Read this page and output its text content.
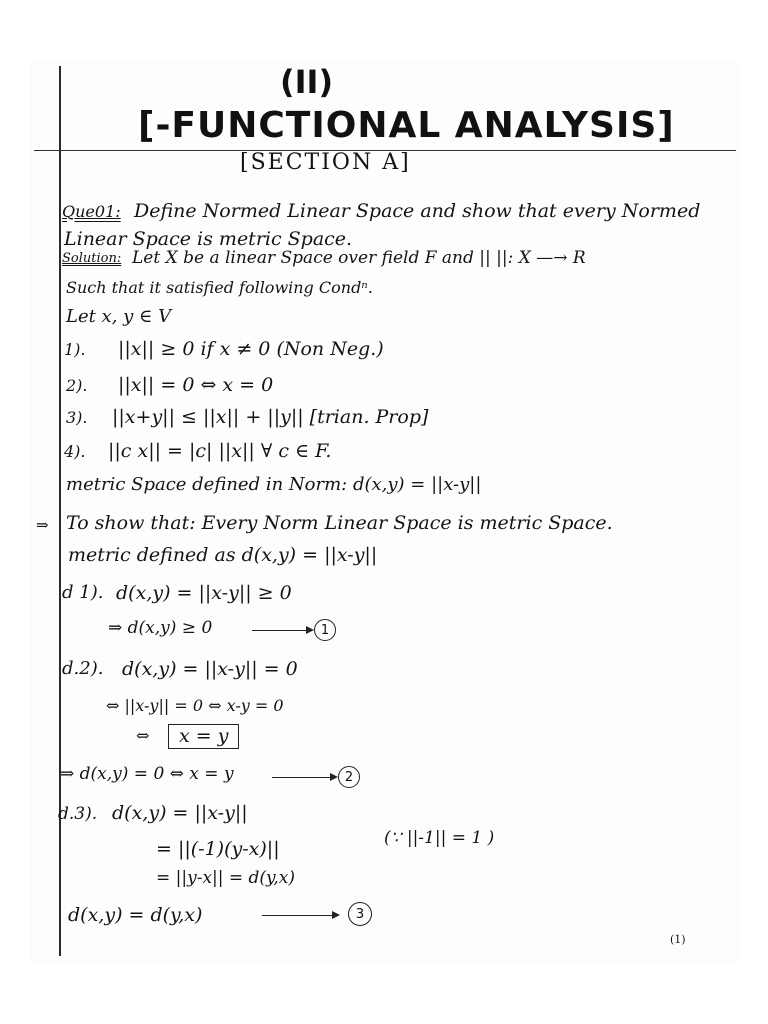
(II)
[-FUNCTIONAL ANALYSIS]
[SECTION A]
Que01: Define Normed Linear Space and show that every Normed
Linear Space is metric Space.
Solution: Let X be a linear Space over field F and || ||: X —→ R
Such that it satisfied following Condⁿ.
Let x, y ∈ V
1). ||x|| ≥ 0 if x ≠ 0 (Non Neg.)
2). ||x|| = 0 ⇔ x = 0
3). ||x+y|| ≤ ||x|| + ||y|| [trian. Prop]
4). ||c x|| = |c| ||x|| ∀ c ∈ F.
metric Space defined in Norm: d(x,y) = ||x-y||
⇒ To show that: Every Norm Linear Space is metric Space.
metric defined as d(x,y) = ||x-y||
d 1). d(x,y) = ||x-y|| ≥ 0
⇒ d(x,y) ≥ 0	1
d.2). d(x,y) = ||x-y|| = 0
⇔ ||x-y|| = 0 ⇔ x-y = 0
⇔	x = y
⇒ d(x,y) = 0 ⇔ x = y	2
d.3). d(x,y) = ||x-y||
= ||(-1)(y-x)||	(∵ ||-1|| = 1 )
= ||y-x|| = d(y,x)
d(x,y) = d(y,x)	3
(1)
